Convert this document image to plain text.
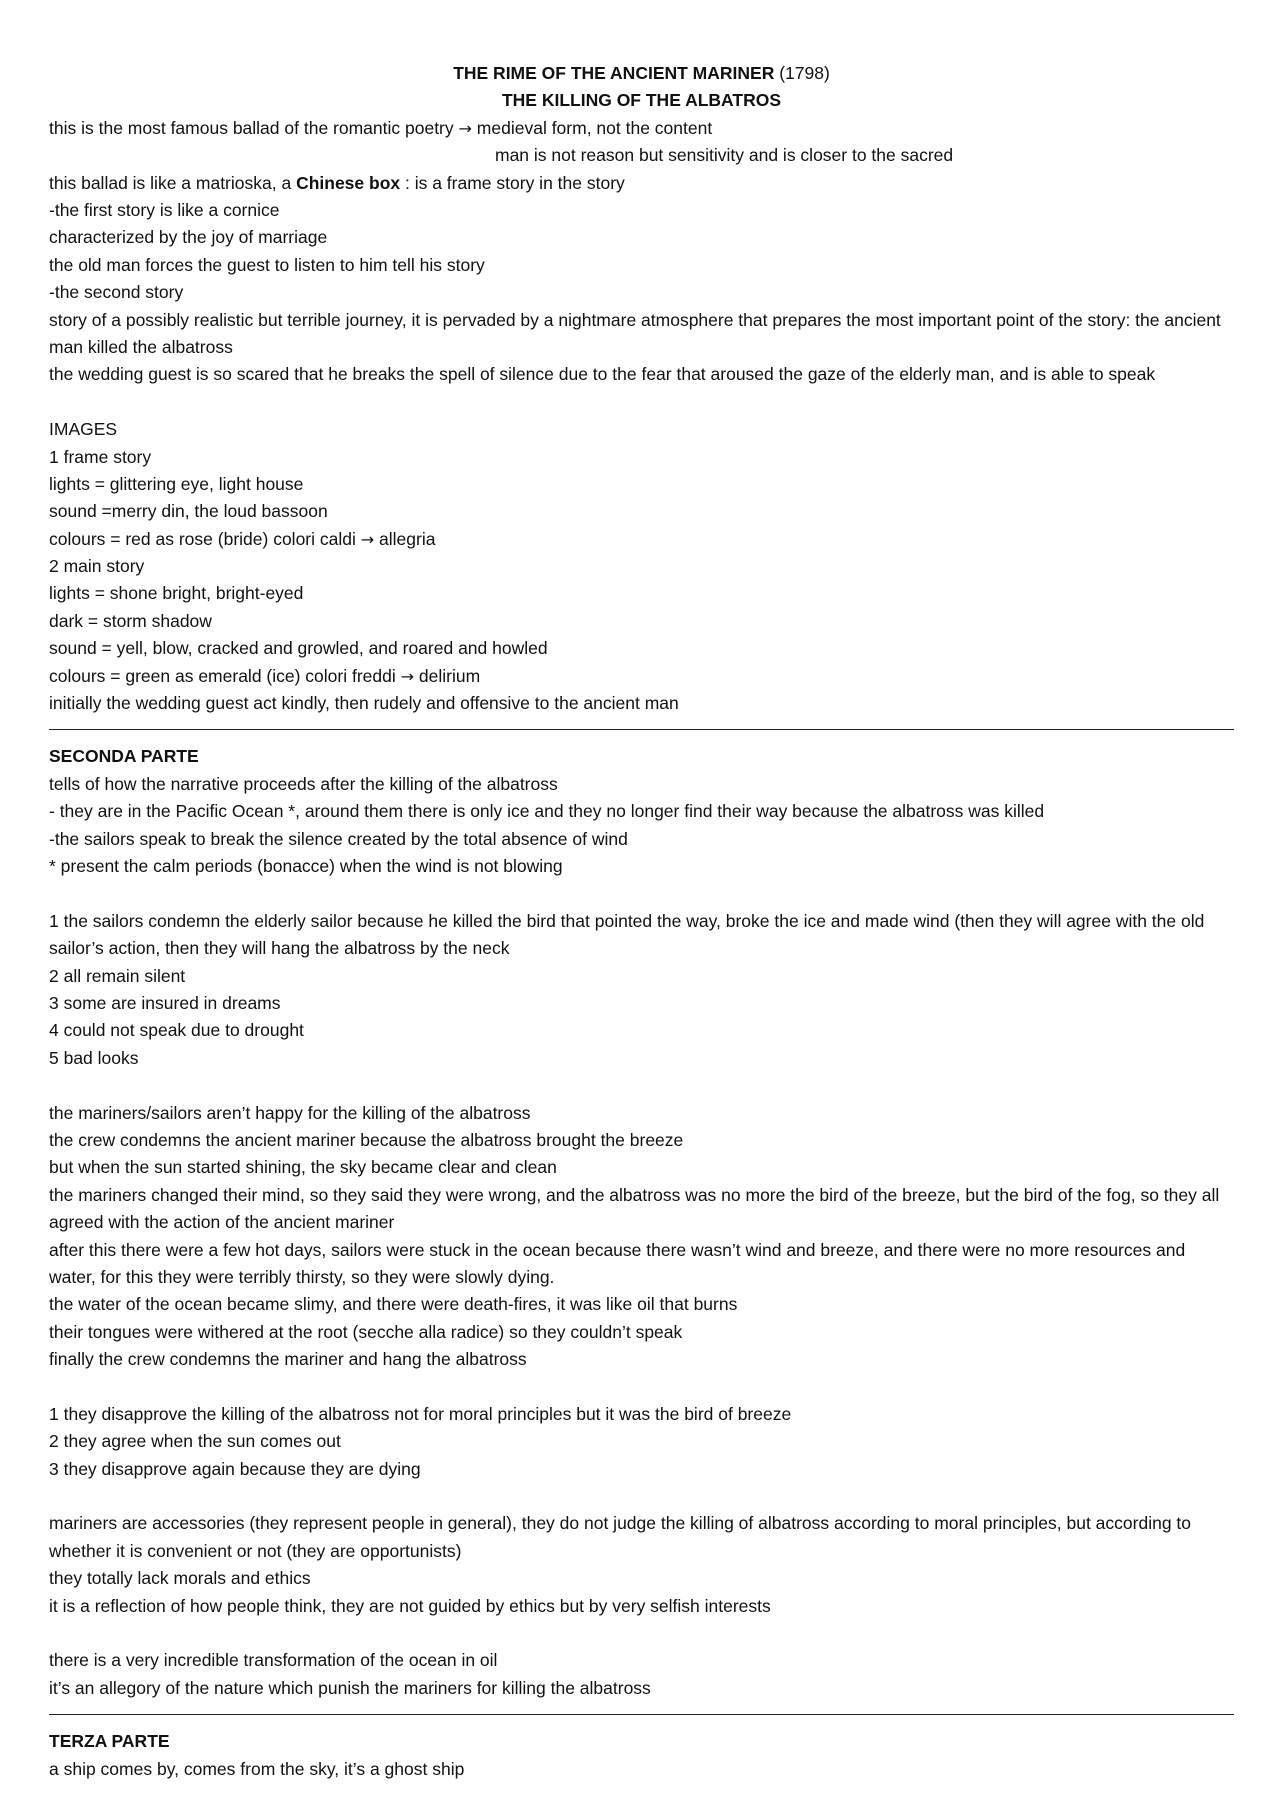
THE RIME OF THE ANCIENT MARINER (1798)
THE KILLING OF THE ALBATROS
this is the most famous ballad of the romantic poetry → medieval form, not the content
man is not reason but sensitivity and is closer to the sacred
this ballad is like a matrioska, a Chinese box : is a frame story in the story
-the first story is like a cornice
characterized by the joy of marriage
the old man forces the guest to listen to him tell his story
-the second story
story of a possibly realistic but terrible journey, it is pervaded by a nightmare atmosphere that prepares the most important point of the story: the ancient man killed the albatross
the wedding guest is so scared that he breaks the spell of silence due to the fear that aroused the gaze of the elderly man, and is able to speak
IMAGES
1 frame story
lights = glittering eye, light house
sound =merry din, the loud bassoon
colours = red as rose (bride) colori caldi → allegria
2 main story
lights = shone bright, bright-eyed
dark = storm shadow
sound = yell, blow, cracked and growled, and roared and howled
colours = green as emerald (ice) colori freddi → delirium
initially the wedding guest act kindly, then rudely and offensive to the ancient man
SECONDA PARTE
tells of how the narrative proceeds after the killing of the albatross
- they are in the Pacific Ocean *, around them there is only ice and they no longer find their way because the albatross was killed
-the sailors speak to break the silence created by the total absence of wind
* present the calm periods (bonacce) when the wind is not blowing
1 the sailors condemn the elderly sailor because he killed the bird that pointed the way, broke the ice and made wind (then they will agree with the old sailor’s action, then they will hang the albatross by the neck
2 all remain silent
3 some are insured in dreams
4 could not speak due to drought
5 bad looks
the mariners/sailors aren’t happy for the killing of the albatross
the crew condemns the ancient mariner because the albatross brought the breeze
but when the sun started shining, the sky became clear and clean
the mariners changed their mind, so they said they were wrong, and the albatross was no more the bird of the breeze, but the bird of the fog, so they all agreed with the action of the ancient mariner
after this there were a few hot days, sailors were stuck in the ocean because there wasn’t wind and breeze, and there were no more resources and water, for this they were terribly thirsty, so they were slowly dying.
the water of the ocean became slimy, and there were death-fires, it was like oil that burns
their tongues were withered at the root (secche alla radice) so they couldn’t speak
finally the crew condemns the mariner and hang the albatross
1 they disapprove the killing of the albatross not for moral principles but it was the bird of breeze
2 they agree when the sun comes out
3 they disapprove again because they are dying
mariners are accessories (they represent people in general), they do not judge the killing of albatross according to moral principles, but according to whether it is convenient or not (they are opportunists)
they totally lack morals and ethics
it is a reflection of how people think, they are not guided by ethics but by very selfish interests
there is a very incredible transformation of the ocean in oil
it’s an allegory of the nature which punish the mariners for killing the albatross
TERZA PARTE
a ship comes by, comes from the sky, it’s a ghost ship
